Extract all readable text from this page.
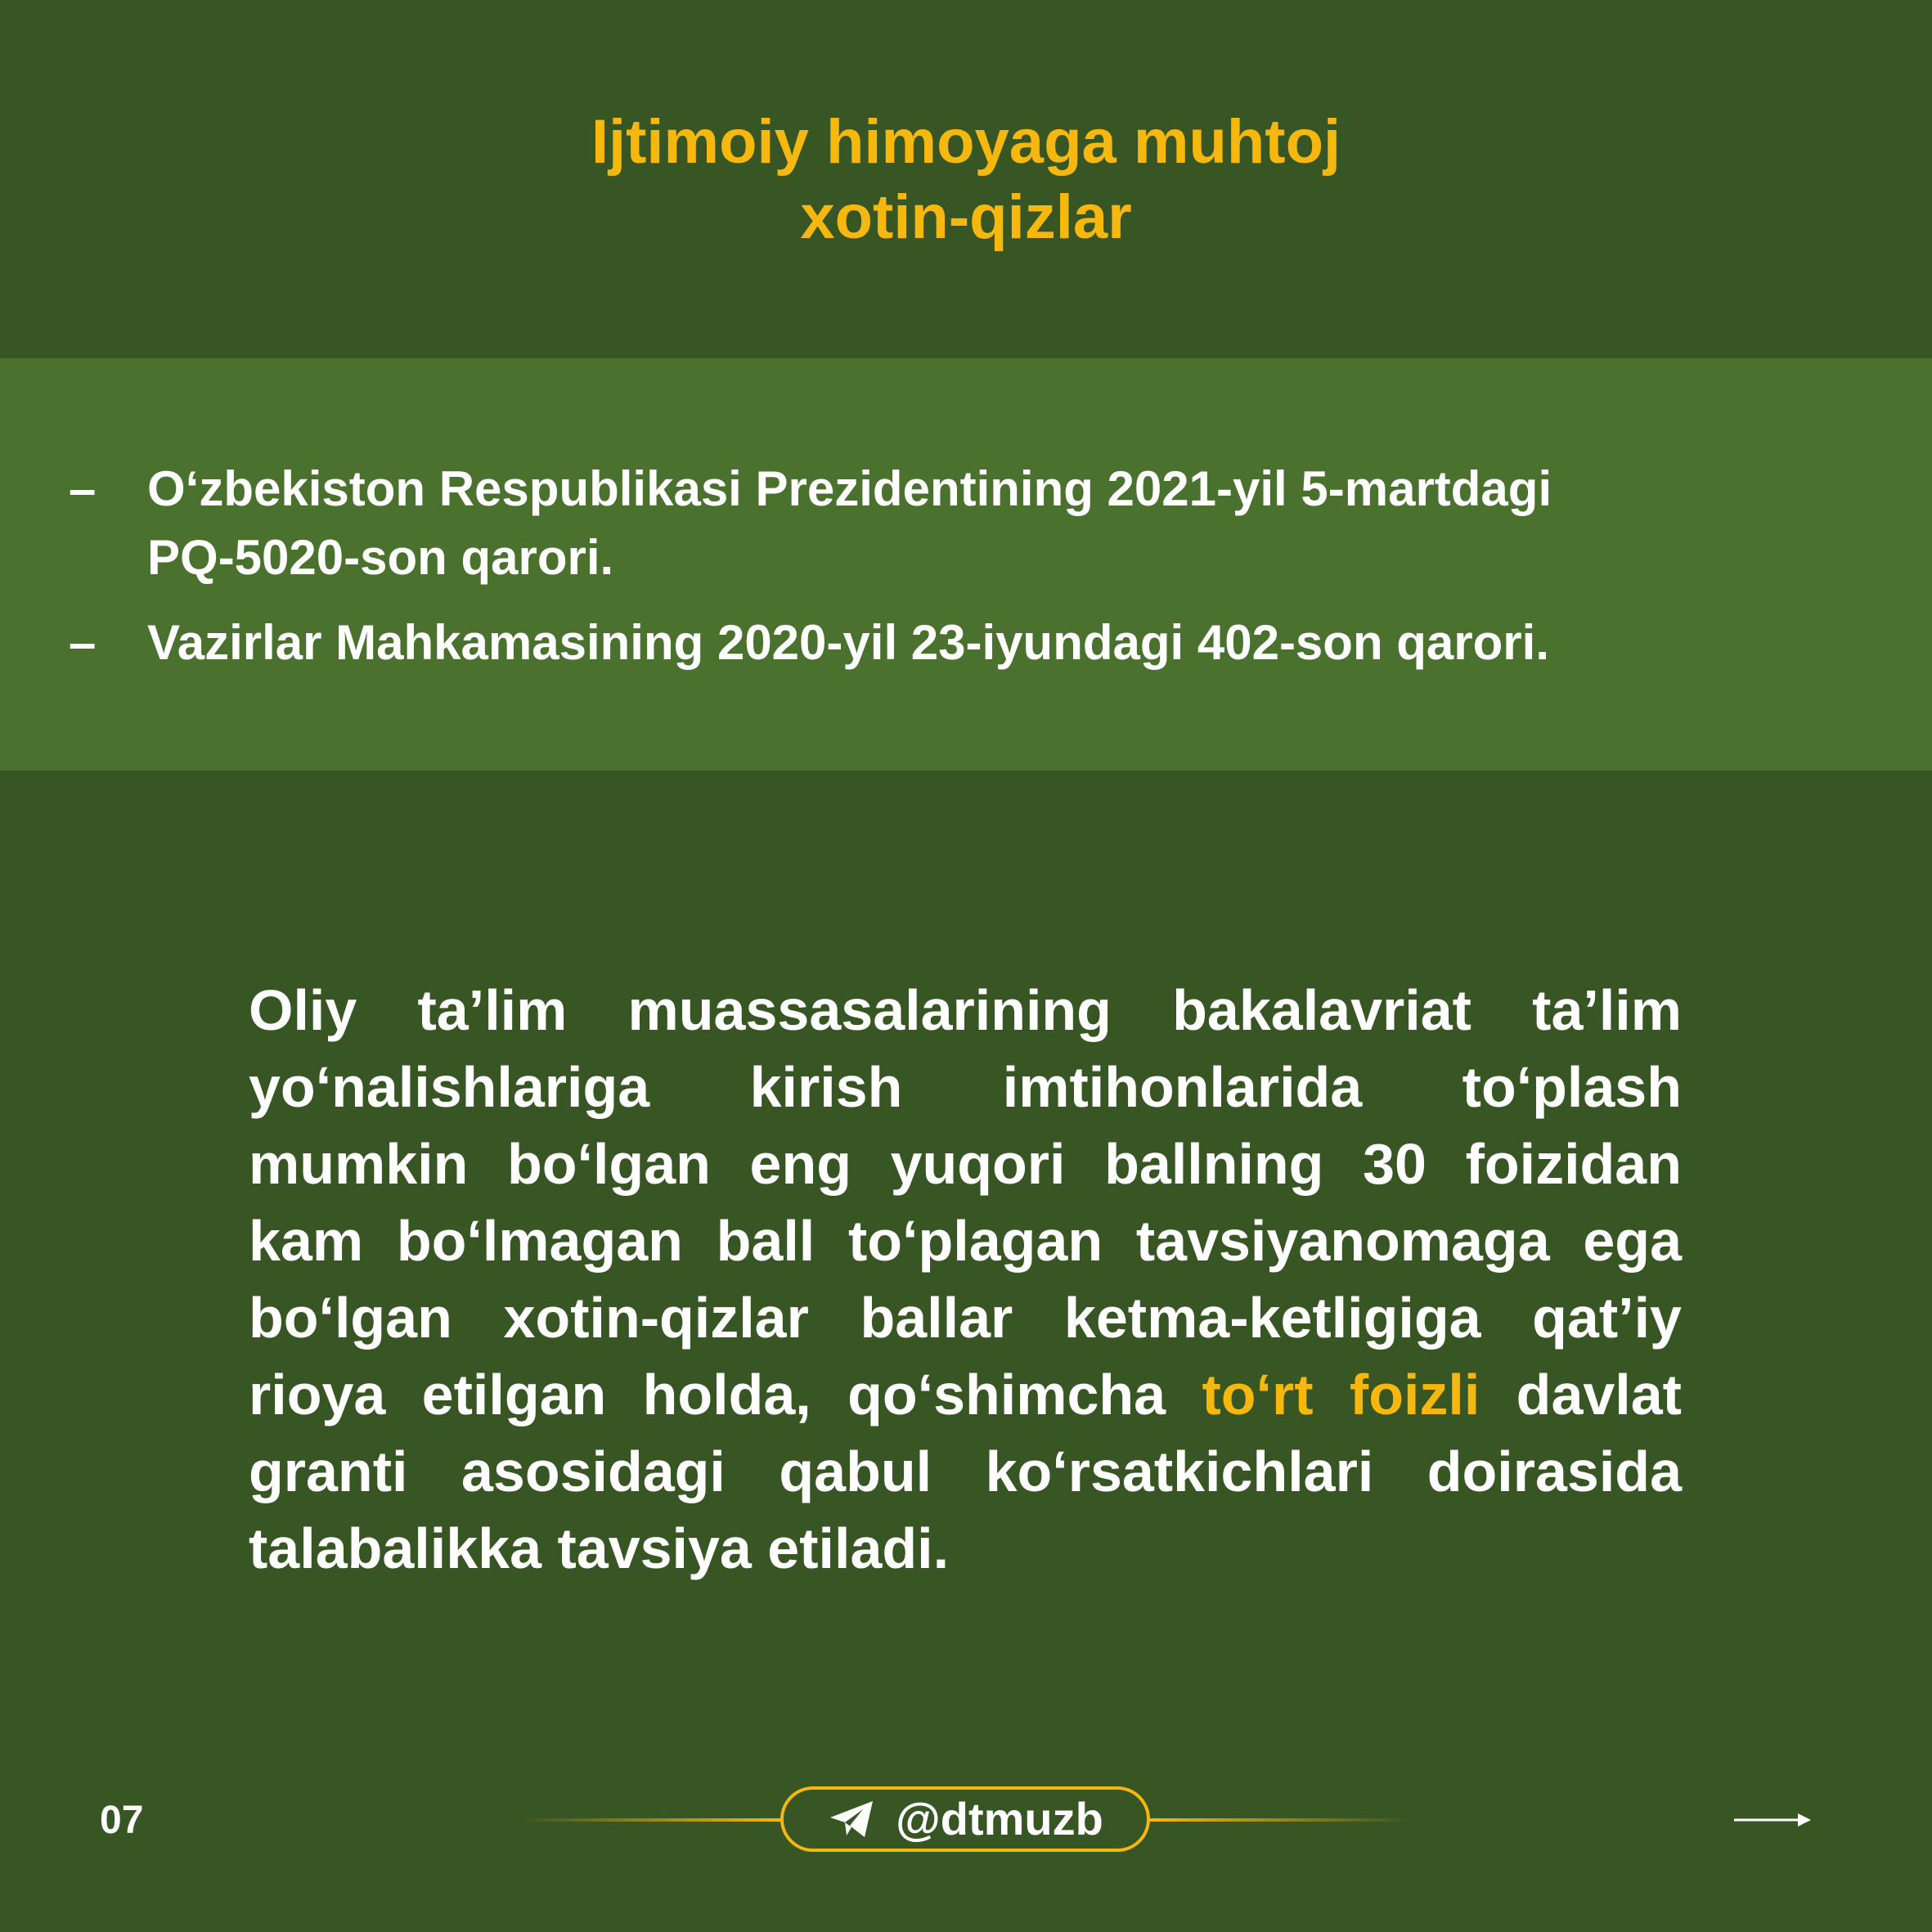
Ijtimoiy himoyaga muhtoj
xotin-qizlar
– O‘zbekiston Respublikasi Prezidentining 2021-yil 5-martdagi
PQ-5020-son qarori.
– Vazirlar Mahkamasining 2020-yil 23-iyundagi 402-son qarori.
Oliy ta’lim muassasalarining bakalavriat ta’lim
yo‘nalishlariga kirish imtihonlarida to‘plash
mumkin bo‘lgan eng yuqori ballning 30 foizidan
kam bo‘lmagan ball to‘plagan tavsiyanomaga ega
bo‘lgan xotin-qizlar ballar ketma-ketligiga qat’iy
rioya etilgan holda, qo‘shimcha to‘rt foizli davlat
granti asosidagi qabul ko‘rsatkichlari doirasida
talabalikka tavsiya etiladi.
07	@dtmuzb
